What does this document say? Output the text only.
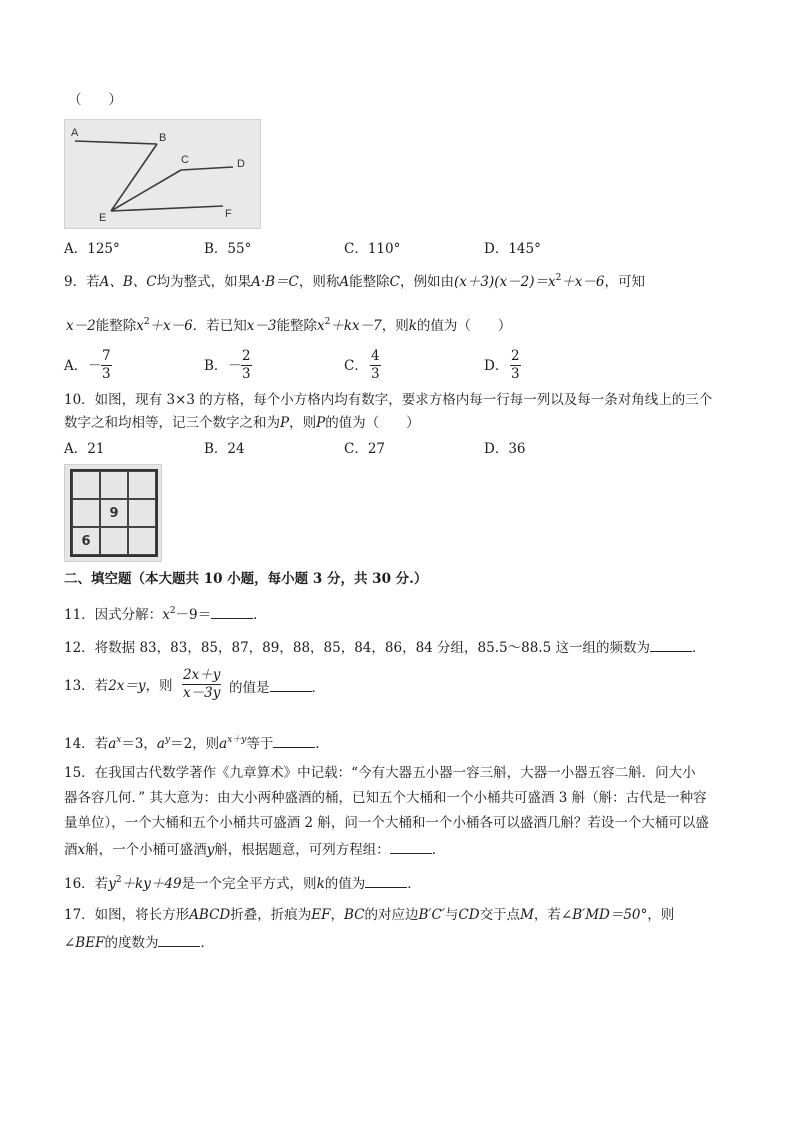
（　　）
A	B
C	D
E	F
A．125°	B．55°	C．110°	D．145°
9．若A、B、C均为整式，如果A·B＝C，则称A能整除C，例如由$(x+3)(x-2)=x^2+x-6$，可知
x－2能整除$x^2+x-6$．若已知x－3能整除$x^2+kx-7$，则k的值为（　　）
A． － $\frac{7}{3}$	B． － $\frac{2}{3}$	C． $\frac{4}{3}$	D． $\frac{2}{3}$
10．如图，现有 3×3 的方格，每个小方格内均有数字，要求方格内每一行每一列以及每一条对角线上的三个
数字之和均相等，记三个数字之和为P，则P的值为（　　）
A．21	B．24	C．27	D．36
9
6
二、填空题（本大题共 10 小题，每小题 3 分，共 30 分.）
11．因式分解：$x^2-9=$	．
12．将数据 83，83，85，87，89，88，85，84，86，84 分组，85.5～88.5 这一组的频数为	．
13．若2x＝y，则 $\frac{2x+y}{x-3y}$ 的值是	．
14．若$a^x=3$，$a^y=2$，则$a^{x+y}$等于	．
15．在我国古代数学著作《九章算术》中记载：“今有大器五小器一容三斛，大器一小器五容二斛．问大小
器各容几何．” 其大意为：由大小两种盛酒的桶，已知五个大桶和一个小桶共可盛酒 3 斛（斛：古代是一种容
量单位），一个大桶和五个小桶共可盛酒 2 斛，问一个大桶和一个小桶各可以盛酒几斛？若设一个大桶可以盛
酒x斛，一个小桶可盛酒y斛，根据题意，可列方程组：	．
16．若$y^2+ky+49$是一个完全平方式，则k的值为	．
17．如图，将长方形ABCD折叠，折痕为EF，BC的对应边B′C′与CD交于点M，若∠B′MD＝50°，则
∠BEF的度数为	．
